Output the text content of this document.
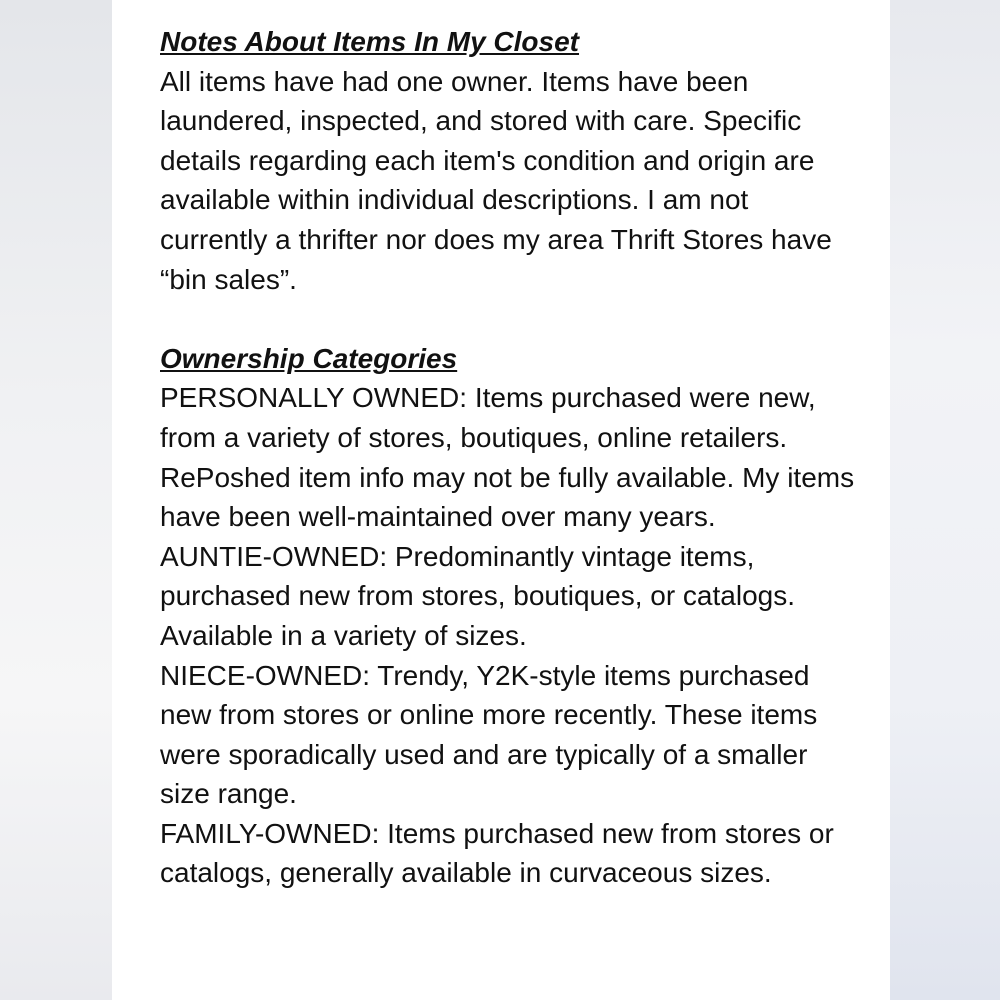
Notes About Items In My Closet

All items have had one owner. Items have been laundered, inspected, and stored with care. Specific details regarding each item's condition and origin are available within individual descriptions. I am not currently a thrifter nor does my area Thrift Stores have “bin sales”.

Ownership Categories

PERSONALLY OWNED: Items purchased were new, from a variety of stores, boutiques, online retailers. RePoshed item info may not be fully available. My items have been well-maintained over many years.

AUNTIE-OWNED: Predominantly vintage items, purchased new from stores, boutiques, or catalogs. Available in a variety of sizes.

NIECE-OWNED: Trendy, Y2K-style items purchased new from stores or online more recently. These items were sporadically used and are typically of a smaller size range.

FAMILY-OWNED: Items purchased new from stores or catalogs, generally available in curvaceous sizes.
